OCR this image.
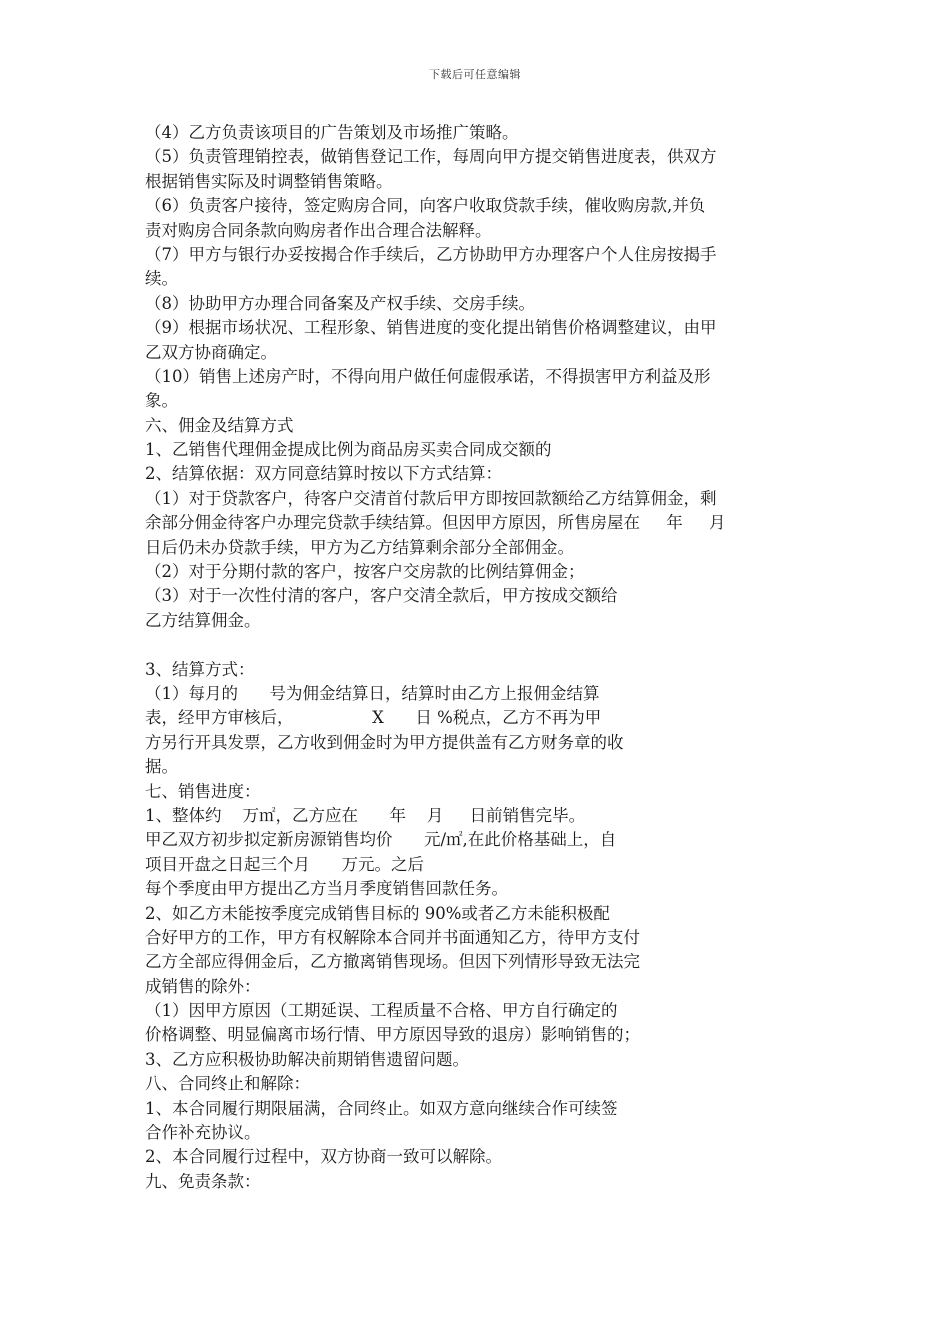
下载后可任意编辑
（4）乙方负责该项目的广告策划及市场推广策略。
（5）负责管理销控表，做销售登记工作，每周向甲方提交销售进度表，供双方
根据销售实际及时调整销售策略。
（6）负责客户接待，签定购房合同，向客户收取贷款手续，催收购房款,并负
责对购房合同条款向购房者作出合理合法解释。
（7）甲方与银行办妥按揭合作手续后，乙方协助甲方办理客户个人住房按揭手
续。
（8）协助甲方办理合同备案及产权手续、交房手续。
（9）根据市场状况、工程形象、销售进度的变化提出销售价格调整建议，由甲
乙双方协商确定。
（10）销售上述房产时，不得向用户做任何虚假承诺，不得损害甲方利益及形
象。
六、佣金及结算方式
1、乙销售代理佣金提成比例为商品房买卖合同成交额的
2、结算依据：双方同意结算时按以下方式结算：
（1）对于贷款客户，待客户交清首付款后甲方即按回款额给乙方结算佣金，剩
余部分佣金待客户办理完贷款手续结算。但因甲方原因，所售房屋在     年     月
日后仍未办贷款手续，甲方为乙方结算剩余部分全部佣金。
（2）对于分期付款的客户，按客户交房款的比例结算佣金；
（3）对于一次性付清的客户，客户交清全款后，甲方按成交额给
乙方结算佣金。
3、结算方式：
（1）每月的      号为佣金结算日，结算时由乙方上报佣金结算
表，经甲方审核后，               X      日 %税点，乙方不再为甲
方另行开具发票，乙方收到佣金时为甲方提供盖有乙方财务章的收
据。
七、销售进度：
1、整体约    万㎡，乙方应在      年    月     日前销售完毕。
甲乙双方初步拟定新房源销售均价      元/㎡,在此价格基础上，自
项目开盘之日起三个月      万元。之后
每个季度由甲方提出乙方当月季度销售回款任务。
2、如乙方未能按季度完成销售目标的 90%或者乙方未能积极配
合好甲方的工作，甲方有权解除本合同并书面通知乙方，待甲方支付
乙方全部应得佣金后，乙方撤离销售现场。但因下列情形导致无法完
成销售的除外：
（1）因甲方原因（工期延误、工程质量不合格、甲方自行确定的
价格调整、明显偏离市场行情、甲方原因导致的退房）影响销售的；
3、乙方应积极协助解决前期销售遗留问题。
八、合同终止和解除：
1、本合同履行期限届满，合同终止。如双方意向继续合作可续签
合作补充协议。
2、本合同履行过程中，双方协商一致可以解除。
九、免责条款：
